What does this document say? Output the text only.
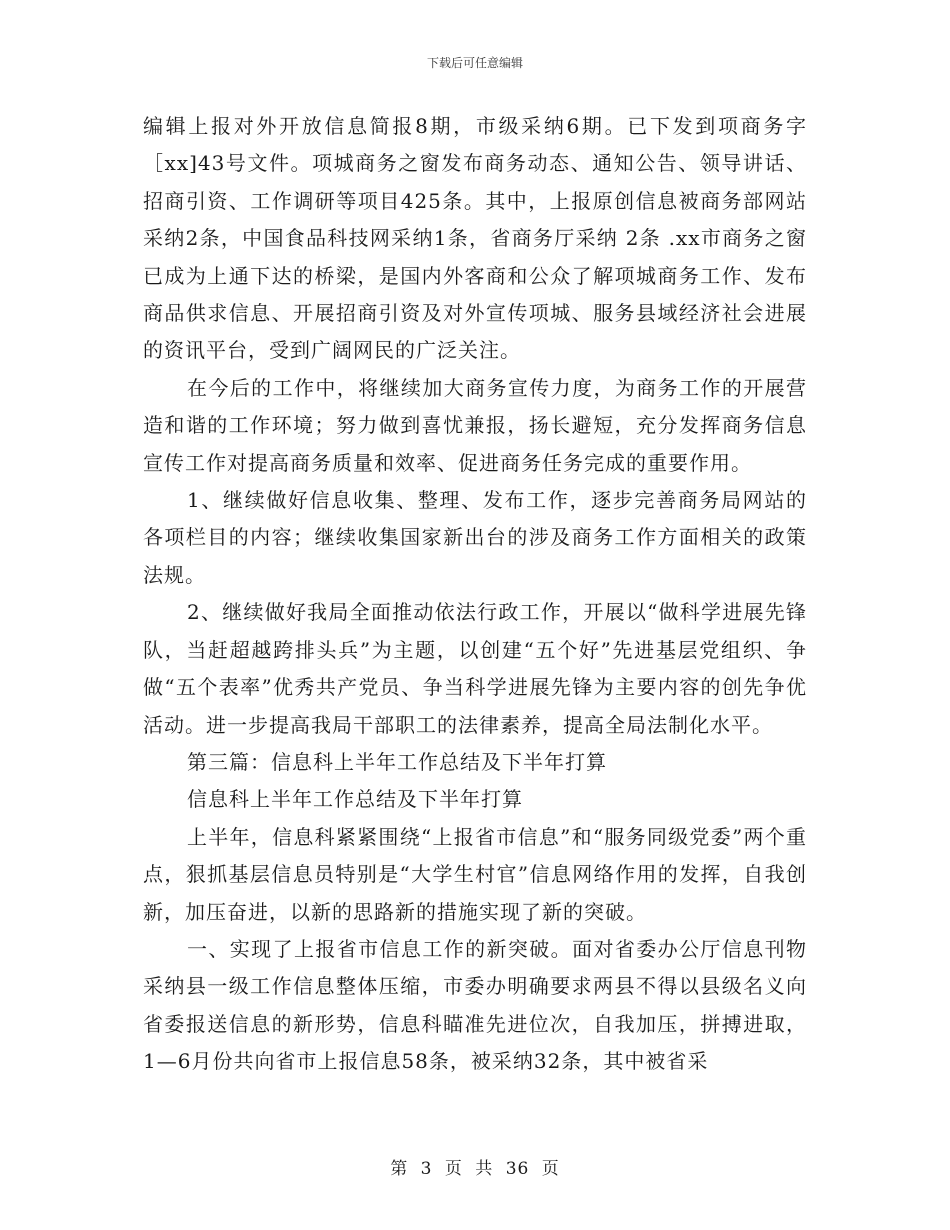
下载后可任意编辑

编辑上报对外开放信息简报8期，市级采纳6期。已下发到项商务字［xx]43号文件。项城商务之窗发布商务动态、通知公告、领导讲话、招商引资、工作调研等项目425条。其中，上报原创信息被商务部网站采纳2条，中国食品科技网采纳1条，省商务厅采纳 2条 .xx市商务之窗已成为上通下达的桥梁，是国内外客商和公众了解项城商务工作、发布商品供求信息、开展招商引资及对外宣传项城、服务县域经济社会进展的资讯平台，受到广阔网民的广泛关注。

在今后的工作中，将继续加大商务宣传力度，为商务工作的开展营造和谐的工作环境；努力做到喜忧兼报，扬长避短，充分发挥商务信息宣传工作对提高商务质量和效率、促进商务任务完成的重要作用。

1、继续做好信息收集、整理、发布工作，逐步完善商务局网站的各项栏目的内容；继续收集国家新出台的涉及商务工作方面相关的政策法规。

2、继续做好我局全面推动依法行政工作，开展以“做科学进展先锋队，当赶超越跨排头兵”为主题，以创建“五个好”先进基层党组织、争做“五个表率”优秀共产党员、争当科学进展先锋为主要内容的创先争优活动。进一步提高我局干部职工的法律素养，提高全局法制化水平。

第三篇：信息科上半年工作总结及下半年打算

信息科上半年工作总结及下半年打算

上半年，信息科紧紧围绕“上报省市信息”和“服务同级党委”两个重点，狠抓基层信息员特别是“大学生村官”信息网络作用的发挥，自我创新，加压奋进，以新的思路新的措施实现了新的突破。

一、实现了上报省市信息工作的新突破。面对省委办公厅信息刊物采纳县一级工作信息整体压缩，市委办明确要求两县不得以县级名义向省委报送信息的新形势，信息科瞄准先进位次，自我加压，拼搏进取，1—6月份共向省市上报信息58条，被采纳32条，其中被省采

第 3 页 共 36 页
